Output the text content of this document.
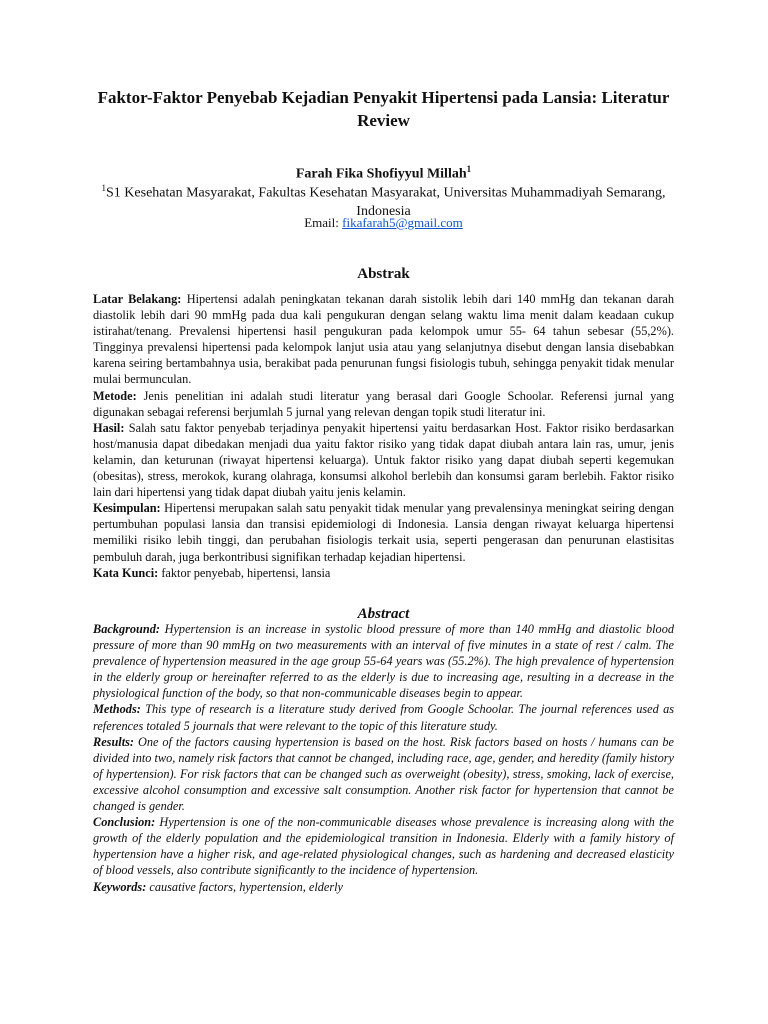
Faktor-Faktor Penyebab Kejadian Penyakit Hipertensi pada Lansia: Literatur Review
Farah Fika Shofiyyul Millah$^1$
$^1$S1 Kesehatan Masyarakat, Fakultas Kesehatan Masyarakat, Universitas Muhammadiyah Semarang, Indonesia
Email: fikafarah5@gmail.com
Abstrak

Latar Belakang: Hipertensi adalah peningkatan tekanan darah sistolik lebih dari 140 mmHg dan tekanan darah diastolik lebih dari 90 mmHg pada dua kali pengukuran dengan selang waktu lima menit dalam keadaan cukup istirahat/tenang. Prevalensi hipertensi hasil pengukuran pada kelompok umur 55- 64 tahun sebesar (55,2%). Tingginya prevalensi hipertensi pada kelompok lanjut usia atau yang selanjutnya disebut dengan lansia disebabkan karena seiring bertambahnya usia, berakibat pada penurunan fungsi fisiologis tubuh, sehingga penyakit tidak menular mulai bermunculan.

Metode: Jenis penelitian ini adalah studi literatur yang berasal dari Google Schoolar. Referensi jurnal yang digunakan sebagai referensi berjumlah 5 jurnal yang relevan dengan topik studi literatur ini.

Hasil: Salah satu faktor penyebab terjadinya penyakit hipertensi yaitu berdasarkan Host. Faktor risiko berdasarkan host/manusia dapat dibedakan menjadi dua yaitu faktor risiko yang tidak dapat diubah antara lain ras, umur, jenis kelamin, dan keturunan (riwayat hipertensi keluarga). Untuk faktor risiko yang dapat diubah seperti kegemukan (obesitas), stress, merokok, kurang olahraga, konsumsi alkohol berlebih dan konsumsi garam berlebih. Faktor risiko lain dari hipertensi yang tidak dapat diubah yaitu jenis kelamin.

Kesimpulan: Hipertensi merupakan salah satu penyakit tidak menular yang prevalensinya meningkat seiring dengan pertumbuhan populasi lansia dan transisi epidemiologi di Indonesia. Lansia dengan riwayat keluarga hipertensi memiliki risiko lebih tinggi, dan perubahan fisiologis terkait usia, seperti pengerasan dan penurunan elastisitas pembuluh darah, juga berkontribusi signifikan terhadap kejadian hipertensi.

Kata Kunci: faktor penyebab, hipertensi, lansia

Abstract

Background: Hypertension is an increase in systolic blood pressure of more than 140 mmHg and diastolic blood pressure of more than 90 mmHg on two measurements with an interval of five minutes in a state of rest / calm. The prevalence of hypertension measured in the age group 55-64 years was (55.2%). The high prevalence of hypertension in the elderly group or hereinafter referred to as the elderly is due to increasing age, resulting in a decrease in the physiological function of the body, so that non-communicable diseases begin to appear.

Methods: This type of research is a literature study derived from Google Schoolar. The journal references used as references totaled 5 journals that were relevant to the topic of this literature study.

Results: One of the factors causing hypertension is based on the host. Risk factors based on hosts / humans can be divided into two, namely risk factors that cannot be changed, including race, age, gender, and heredity (family history of hypertension). For risk factors that can be changed such as overweight (obesity), stress, smoking, lack of exercise, excessive alcohol consumption and excessive salt consumption. Another risk factor for hypertension that cannot be changed is gender.

Conclusion: Hypertension is one of the non-communicable diseases whose prevalence is increasing along with the growth of the elderly population and the epidemiological transition in Indonesia. Elderly with a family history of hypertension have a higher risk, and age-related physiological changes, such as hardening and decreased elasticity of blood vessels, also contribute significantly to the incidence of hypertension.

Keywords: causative factors, hypertension, elderly
